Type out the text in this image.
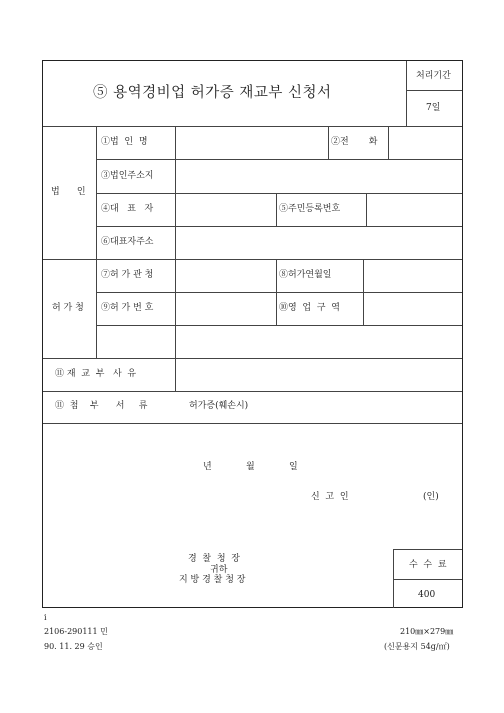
⑤ 용역경비업 허가증 재교부 신청서
처리기간
7일
법      인
①법  인  명	②전       화
③법인주소지
④대   표   자	⑤주민등록번호
⑥대표자주소
허 가 청
⑦허 가 관 청	⑧허가연월일
⑨허 가 번 호	⑩영  업  구  역
⑪ 재  교  부   사  유
⑪  첨    부      서     류	허가증(훼손시)
년            월            일
신  고  인	(인)
경  찰  청  장
귀하
지 방 경 찰 청 장
수  수  료
400
i
2106-290111 민
90. 11. 29 승인
210㎜×279㎜
(신문용지 54g/㎡)
